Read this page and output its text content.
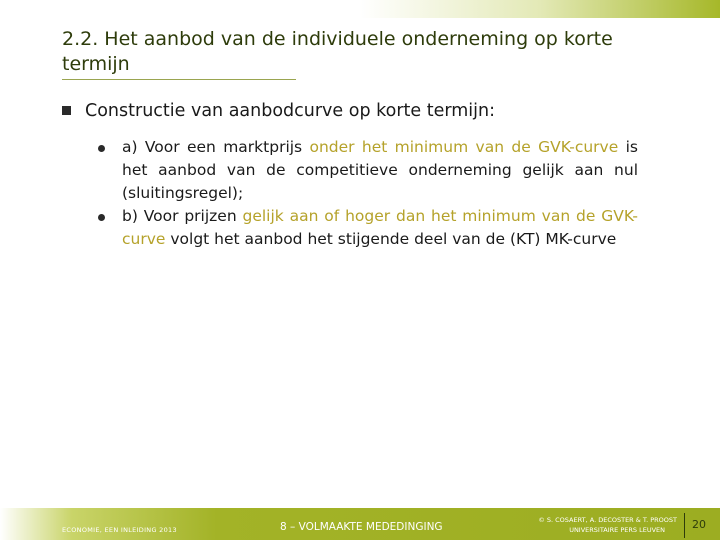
2.2. Het aanbod van de individuele onderneming op korte termijn
Constructie van aanbodcurve op korte termijn:
a) Voor een marktprijs onder het minimum van de GVK-curve is het aanbod van de competitieve onderneming gelijk aan nul (sluitingsregel);
b) Voor prijzen gelijk aan of hoger dan het minimum van de GVK-curve volgt het aanbod het stijgende deel van de (KT) MK-curve
ECONOMIE, EEN INLEIDING 2013	8 – VOLMAAKTE MEDEDINGING
© S. COSAERT, A. DECOSTER & T. PROOST
UNIVERSITAIRE PERS LEUVEN 20
